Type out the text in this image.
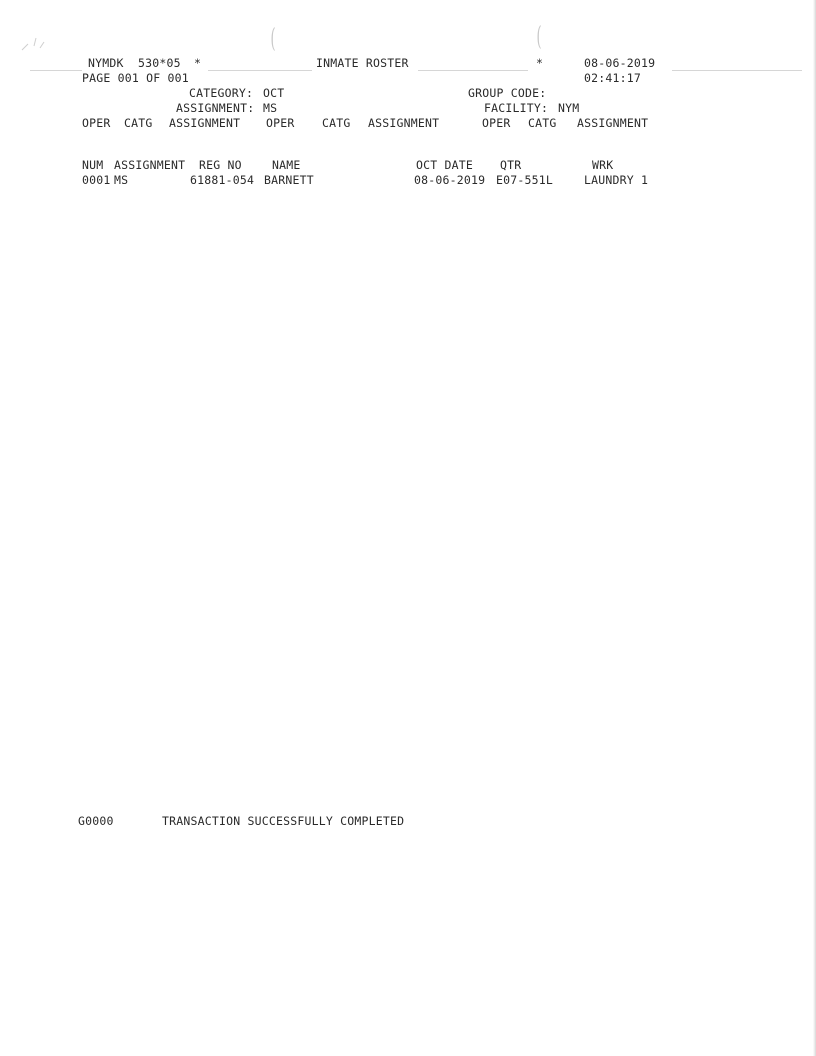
(	(
NYMDK 530*05 *	INMATE ROSTER	*	08-06-2019
PAGE 001 OF 001	02:41:17
CATEGORY: OCT	GROUP CODE:
ASSIGNMENT: MS	FACILITY: NYM
OPER CATG ASSIGNMENT OPER CATG ASSIGNMENT	OPER CATG ASSIGNMENT
NUM ASSIGNMENT REG NO	NAME	OCT DATE QTR	WRK
0001 MS	61881-054 BARNETT	08-06-2019 E07-551L	LAUNDRY 1
G0000	TRANSACTION SUCCESSFULLY COMPLETED
